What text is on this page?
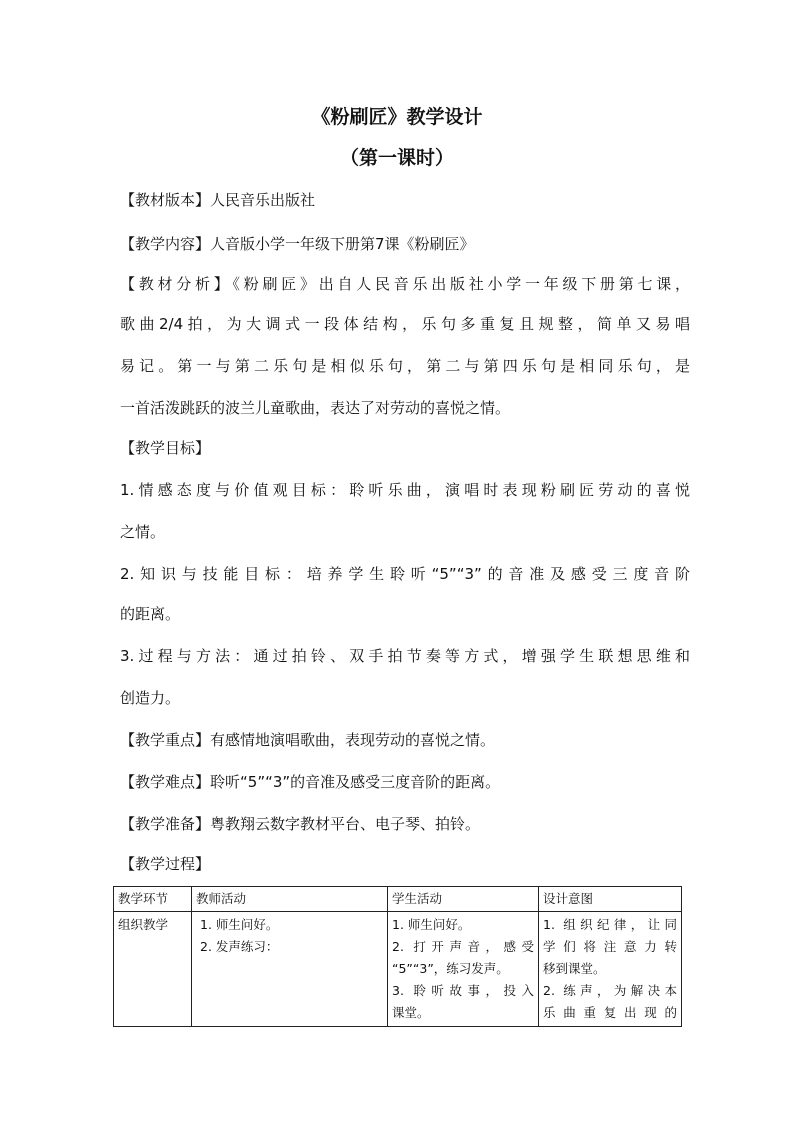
《粉刷匠》教学设计
（第一课时）

【教材版本】人民音乐出版社

【教学内容】人音版小学一年级下册第7课《粉刷匠》

【教材分析】《粉刷匠》出自人民音乐出版社小学一年级下册第七课，

歌曲2/4拍，为大调式一段体结构，乐句多重复且规整，简单又易唱

易记。第一与第二乐句是相似乐句，第二与第四乐句是相同乐句，是

一首活泼跳跃的波兰儿童歌曲，表达了对劳动的喜悦之情。

【教学目标】

1.情感态度与价值观目标：聆听乐曲，演唱时表现粉刷匠劳动的喜悦

之情。

2.知识与技能目标：培养学生聆听“5”“3”的音准及感受三度音阶

的距离。

3.过程与方法：通过拍铃、双手拍节奏等方式，增强学生联想思维和

创造力。

【教学重点】有感情地演唱歌曲，表现劳动的喜悦之情。

【教学难点】聆听“5”“3”的音准及感受三度音阶的距离。

【教学准备】粤教翔云数字教材平台、电子琴、拍铃。

【教学过程】

教学环节	教师活动	学生活动	设计意图
组织教学	1. 师生问好。
2. 发声练习：	1. 师生问好。
2. 打开声音，感受
“5”“3”，练习发声。
3. 聆听故事，投入
课堂。	1. 组织纪律，让同
学们将注意力转
移到课堂。
2. 练声，为解决本
乐曲重复出现的
